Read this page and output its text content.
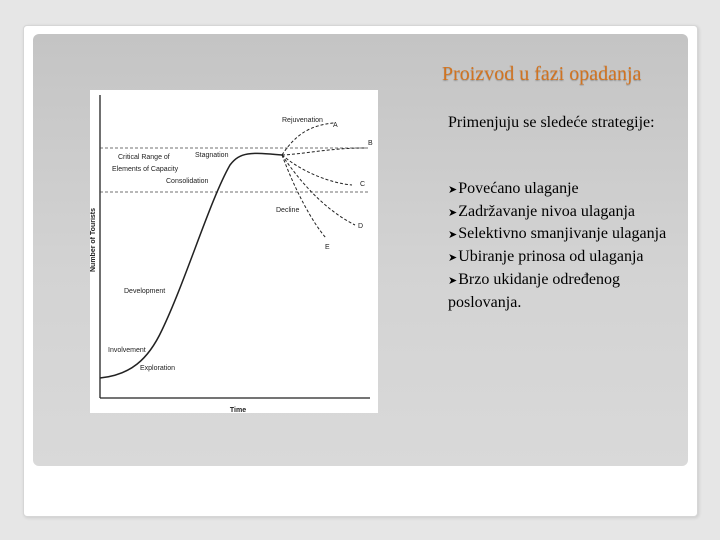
Proizvod u fazi opadanja
Primenjuju se sledeće strategije:
➤Povećano ulaganje
➤Zadržavanje nivoa ulaganja
➤Selektivno smanjivanje ulaganja
➤Ubiranje prinosa od ulaganja
➤Brzo ukidanje određenog poslovanja.
Number of Tourists
Time
Critical Range of
Elements of Capacity
Consolidation
Stagnation
Rejuvenation
Decline
Development
Involvement
Exploration
A
B
C
D
E
